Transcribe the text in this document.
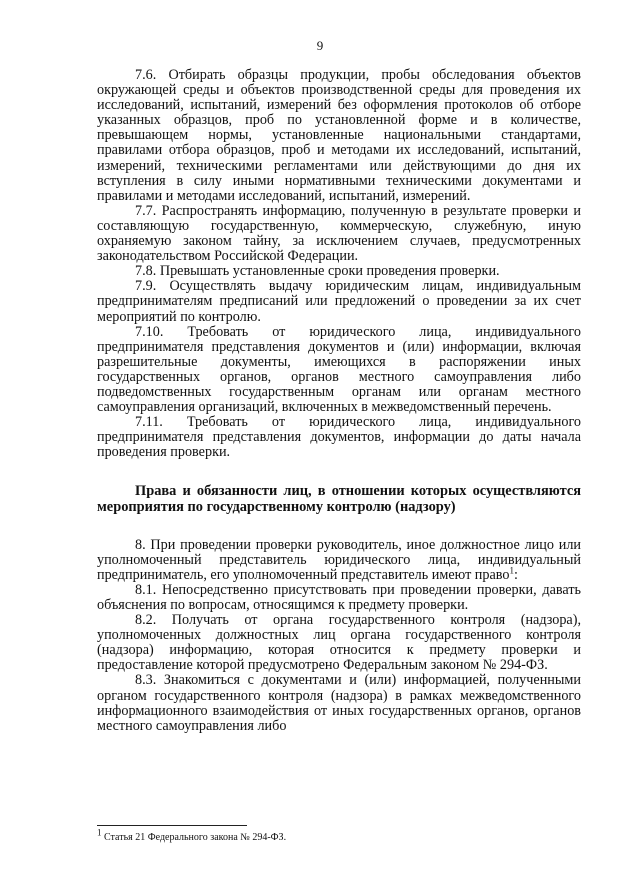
9

7.6. Отбирать образцы продукции, пробы обследования объектов окружающей среды и объектов производственной среды для проведения их исследований, испытаний, измерений без оформления протоколов об отборе указанных образцов, проб по установленной форме и в количестве, превышающем нормы, установленные национальными стандартами, правилами отбора образцов, проб и методами их исследований, испытаний, измерений, техническими регламентами или действующими до дня их вступления в силу иными нормативными техническими документами и правилами и методами исследований, испытаний, измерений.

7.7. Распространять информацию, полученную в результате проверки и составляющую государственную, коммерческую, служебную, иную охраняемую законом тайну, за исключением случаев, предусмотренных законодательством Российской Федерации.

7.8. Превышать установленные сроки проведения проверки.

7.9. Осуществлять выдачу юридическим лицам, индивидуальным предпринимателям предписаний или предложений о проведении за их счет мероприятий по контролю.

7.10. Требовать от юридического лица, индивидуального предпринимателя представления документов и (или) информации, включая разрешительные документы, имеющихся в распоряжении иных государственных органов, органов местного самоуправления либо подведомственных государственным органам или органам местного самоуправления организаций, включенных в межведомственный перечень.

7.11. Требовать от юридического лица, индивидуального предпринимателя представления документов, информации до даты начала проведения проверки.

Права и обязанности лиц, в отношении которых осуществляются мероприятия по государственному контролю (надзору)

8. При проведении проверки руководитель, иное должностное лицо или уполномоченный представитель юридического лица, индивидуальный предприниматель, его уполномоченный представитель имеют право$^1$:

8.1. Непосредственно присутствовать при проведении проверки, давать объяснения по вопросам, относящимся к предмету проверки.

8.2. Получать от органа государственного контроля (надзора), уполномоченных должностных лиц органа государственного контроля (надзора) информацию, которая относится к предмету проверки и предоставление которой предусмотрено Федеральным законом № 294-ФЗ.

8.3. Знакомиться с документами и (или) информацией, полученными органом государственного контроля (надзора) в рамках межведомственного информационного взаимодействия от иных государственных органов, органов местного самоуправления либо

1 Статья 21 Федерального закона № 294-ФЗ.
